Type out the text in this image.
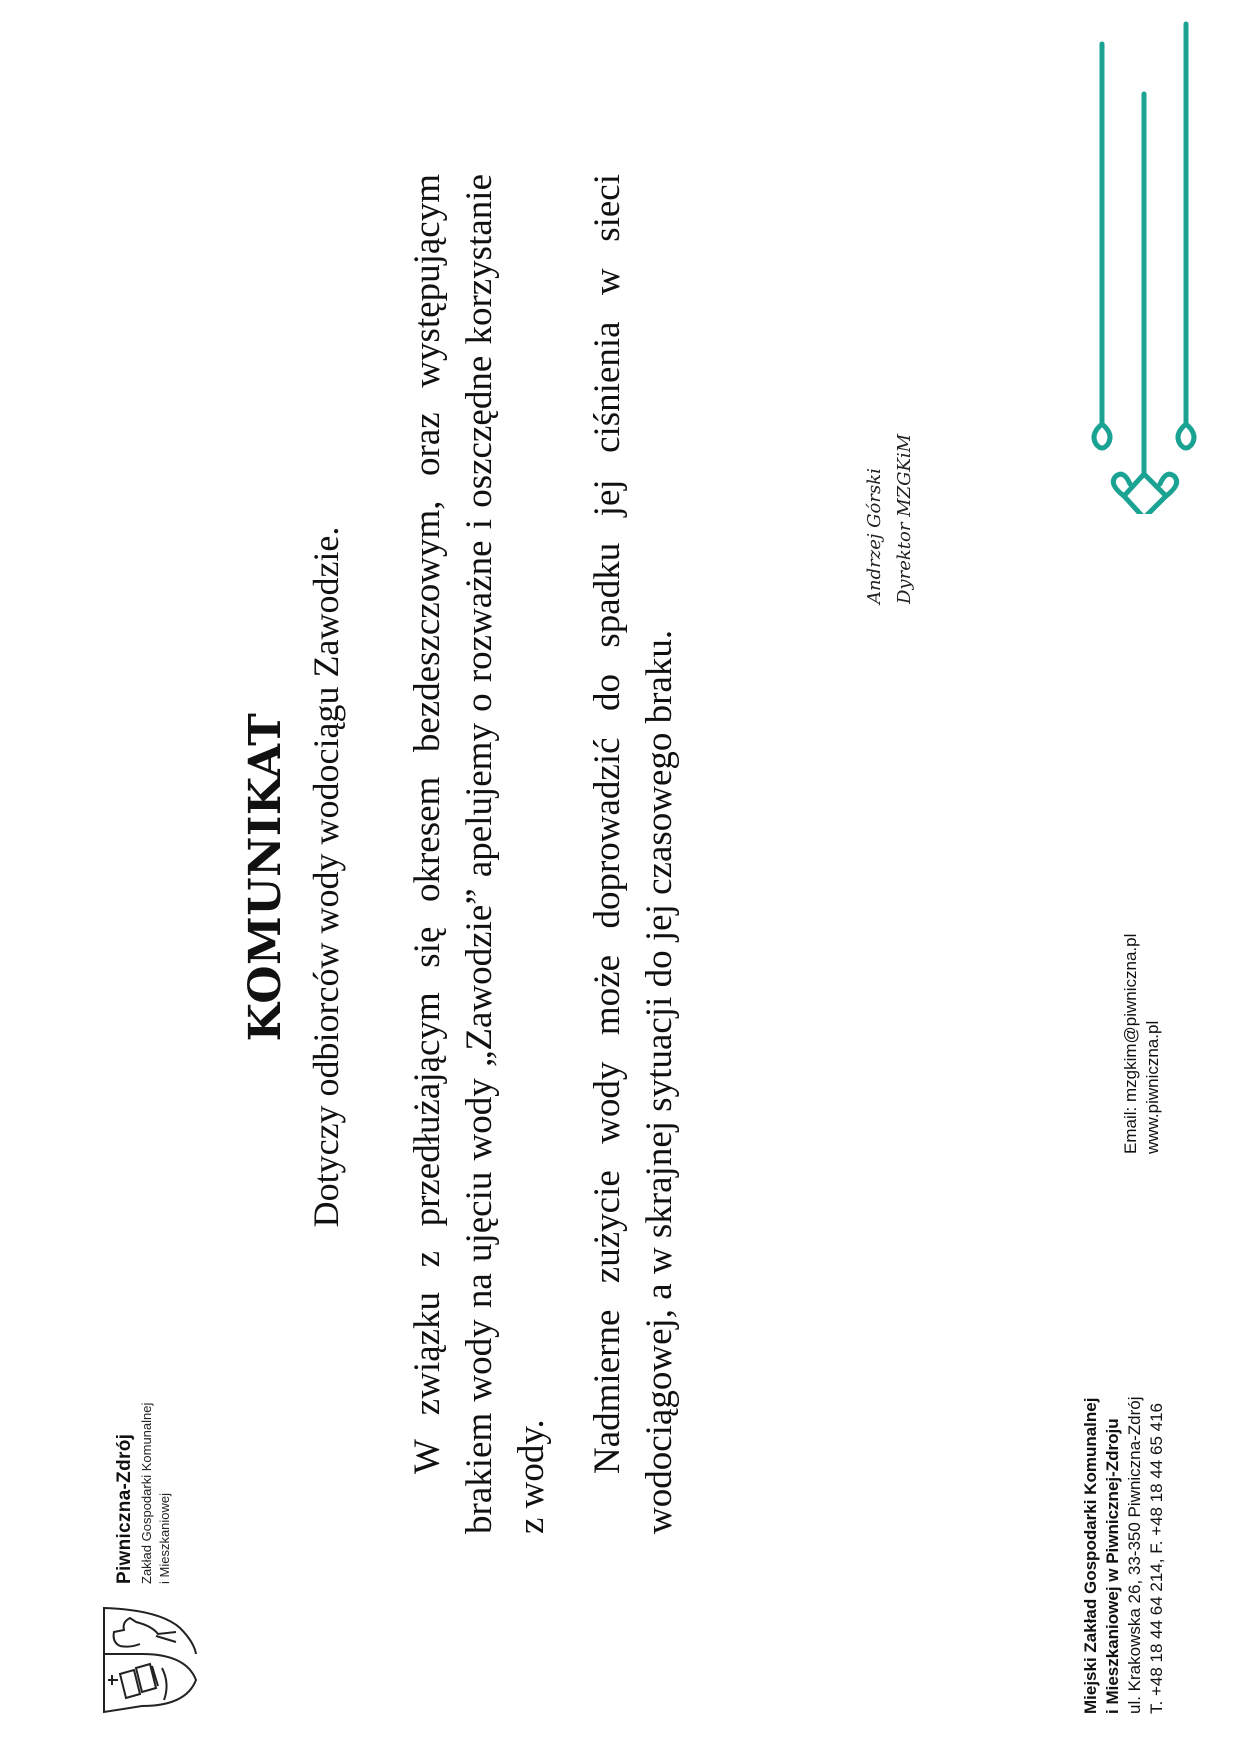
Piwniczna-Zdrój Zakład Gospodarki Komunalnej i Mieszkaniowej
KOMUNIKAT Dotyczy odbiorców wody wodociągu Zawodzie. W związku z przedłużającym się okresem bezdeszczowym, oraz występującym brakiem wody na ujęciu wody „Zawodzie” apelujemy o rozważne i oszczędne korzystanie z wody.

Nadmierne zużycie wody może doprowadzić do spadku jej ciśnienia w sieci wodociągowej, a w skrajnej sytuacji do jej czasowego braku.

Andrzej Górski Dyrektor MZGKiM
Miejski Zakład Gospodarki Komunalnej i Mieszkaniowej w Piwnicznej-Zdroju ul. Krakowska 26, 33-350 Piwniczna-Zdrój T. +48 18 44 64 214, F. +48 18 44 65 416
Email: mzgkim@piwniczna.pl www.piwniczna.pl
